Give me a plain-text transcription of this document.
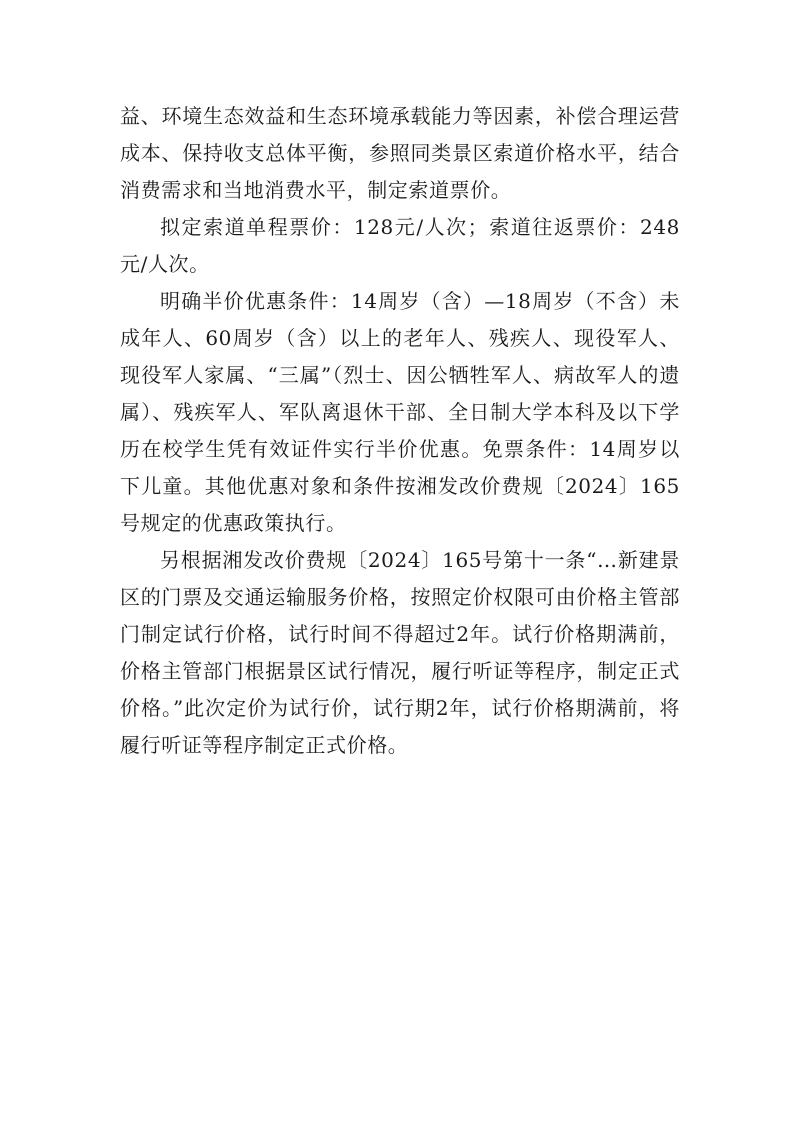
益、环境生态效益和生态环境承载能力等因素，补偿合理运营成本、保持收支总体平衡，参照同类景区索道价格水平，结合消费需求和当地消费水平，制定索道票价。

拟定索道单程票价：128元/人次；索道往返票价：248元/人次。

明确半价优惠条件：14周岁（含）—18周岁（不含）未成年人、60周岁（含）以上的老年人、残疾人、现役军人、现役军人家属、“三属”（烈士、因公牺牲军人、病故军人的遗属）、残疾军人、军队离退休干部、全日制大学本科及以下学历在校学生凭有效证件实行半价优惠。免票条件：14周岁以下儿童。其他优惠对象和条件按湘发改价费规〔2024〕165号规定的优惠政策执行。

另根据湘发改价费规〔2024〕165号第十一条“…新建景区的门票及交通运输服务价格，按照定价权限可由价格主管部门制定试行价格，试行时间不得超过2年。试行价格期满前，价格主管部门根据景区试行情况，履行听证等程序，制定正式价格。”此次定价为试行价，试行期2年，试行价格期满前，将履行听证等程序制定正式价格。
